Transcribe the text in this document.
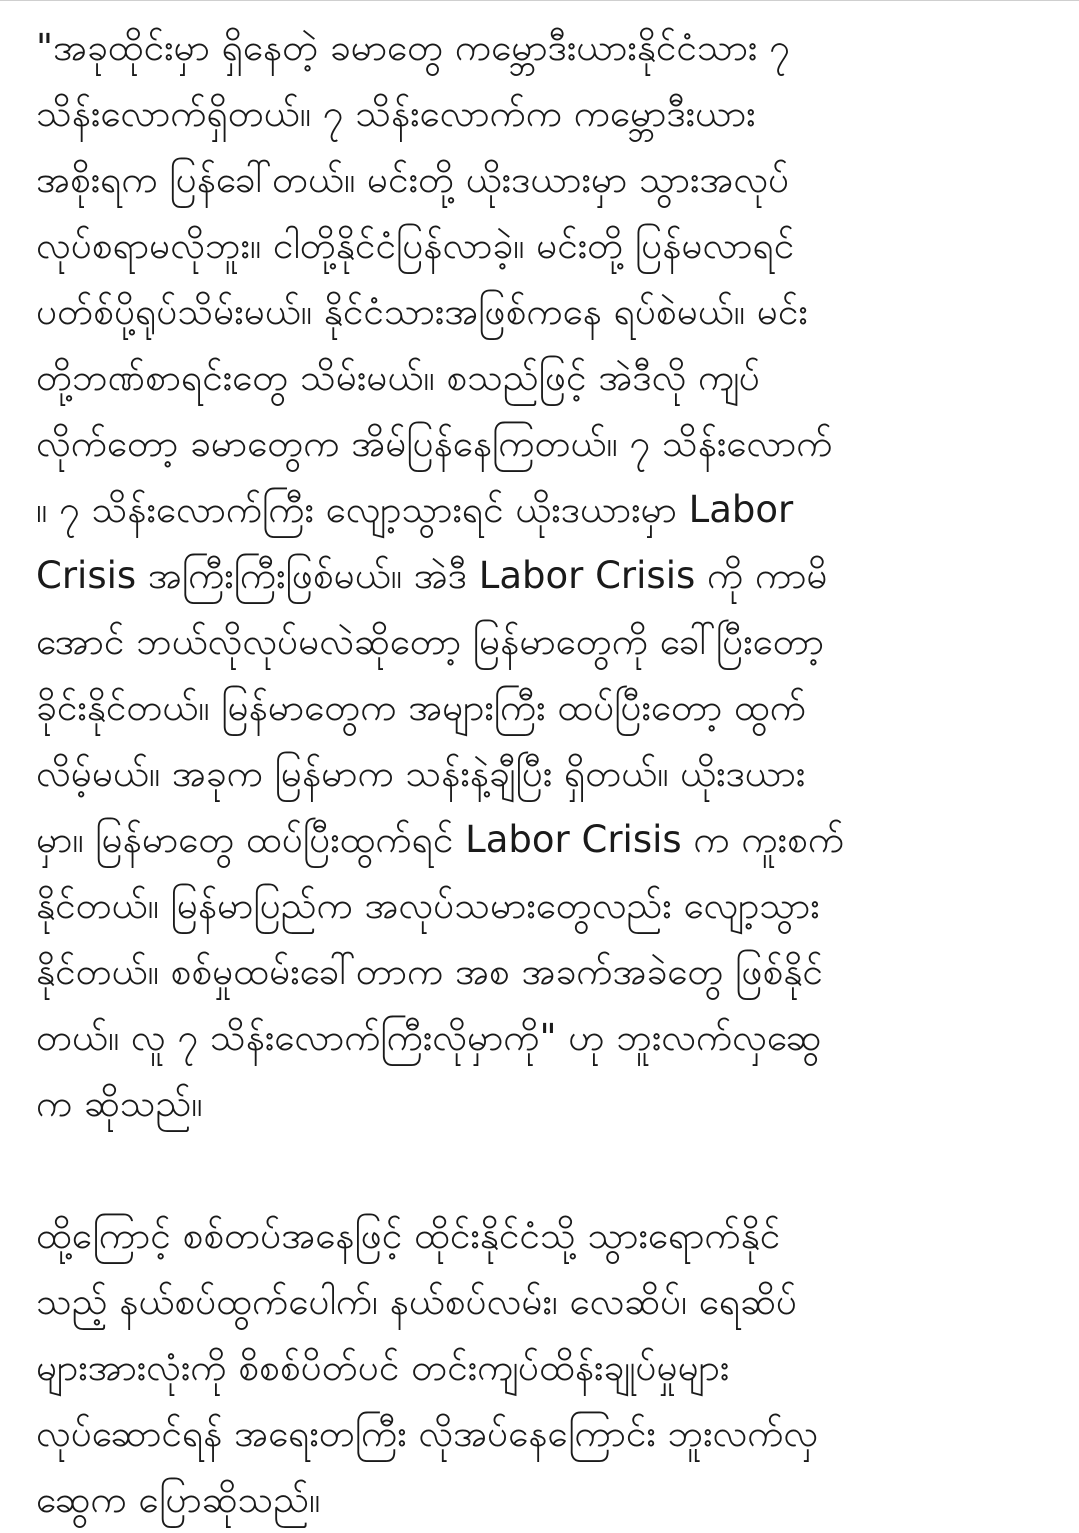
"အခုထိုင်းမှာ ရှိနေတဲ့ ခမာတွေ ကမ္ဘောဒီးယားနိုင်ငံသား ၇
သိန်းလောက်ရှိတယ်။ ၇ သိန်းလောက်က ကမ္ဘောဒီးယား
အစိုးရက ပြန်ခေါ်တယ်။ မင်းတို့ ယိုးဒယားမှာ သွားအလုပ်
လုပ်စရာမလိုဘူး။ ငါတို့နိုင်ငံပြန်လာခဲ့။ မင်းတို့ ပြန်မလာရင်
ပတ်စ်ပို့ရုပ်သိမ်းမယ်။ နိုင်ငံသားအဖြစ်ကနေ ရပ်စဲမယ်။ မင်း
တို့ဘဏ်စာရင်းတွေ သိမ်းမယ်။ စသည်ဖြင့် အဲဒီလို ကျပ်
လိုက်တော့ ခမာတွေက အိမ်ပြန်နေကြတယ်။ ၇ သိန်းလောက်
။ ၇ သိန်းလောက်ကြီး လျော့သွားရင် ယိုးဒယားမှာ Labor
Crisis အကြီးကြီးဖြစ်မယ်။ အဲဒီ Labor Crisis ကို ကာမိ
အောင် ဘယ်လိုလုပ်မလဲဆိုတော့ မြန်မာတွေကို ခေါ်ပြီးတော့
ခိုင်းနိုင်တယ်။ မြန်မာတွေက အများကြီး ထပ်ပြီးတော့ ထွက်
လိမ့်မယ်။ အခုက မြန်မာက သန်းနဲ့ချီပြီး ရှိတယ်။ ယိုးဒယား
မှာ။ မြန်မာတွေ ထပ်ပြီးထွက်ရင် Labor Crisis က ကူးစက်
နိုင်တယ်။ မြန်မာပြည်က အလုပ်သမားတွေလည်း လျော့သွား
နိုင်တယ်။ စစ်မှုထမ်းခေါ်တာက အစ အခက်အခဲတွေ ဖြစ်နိုင်
တယ်။ လူ ၇ သိန်းလောက်ကြီးလိုမှာကို" ဟု ဘူးလက်လှဆွေ
က ဆိုသည်။
ထို့ကြောင့် စစ်တပ်အနေဖြင့် ထိုင်းနိုင်ငံသို့ သွားရောက်နိုင်
သည့် နယ်စပ်ထွက်ပေါက်၊ နယ်စပ်လမ်း၊ လေဆိပ်၊ ရေဆိပ်
များအားလုံးကို စိစစ်ပိတ်ပင် တင်းကျပ်ထိန်းချုပ်မှုများ
လုပ်ဆောင်ရန် အရေးတကြီး လိုအပ်နေကြောင်း ဘူးလက်လှ
ဆွေက ပြောဆိုသည်။
